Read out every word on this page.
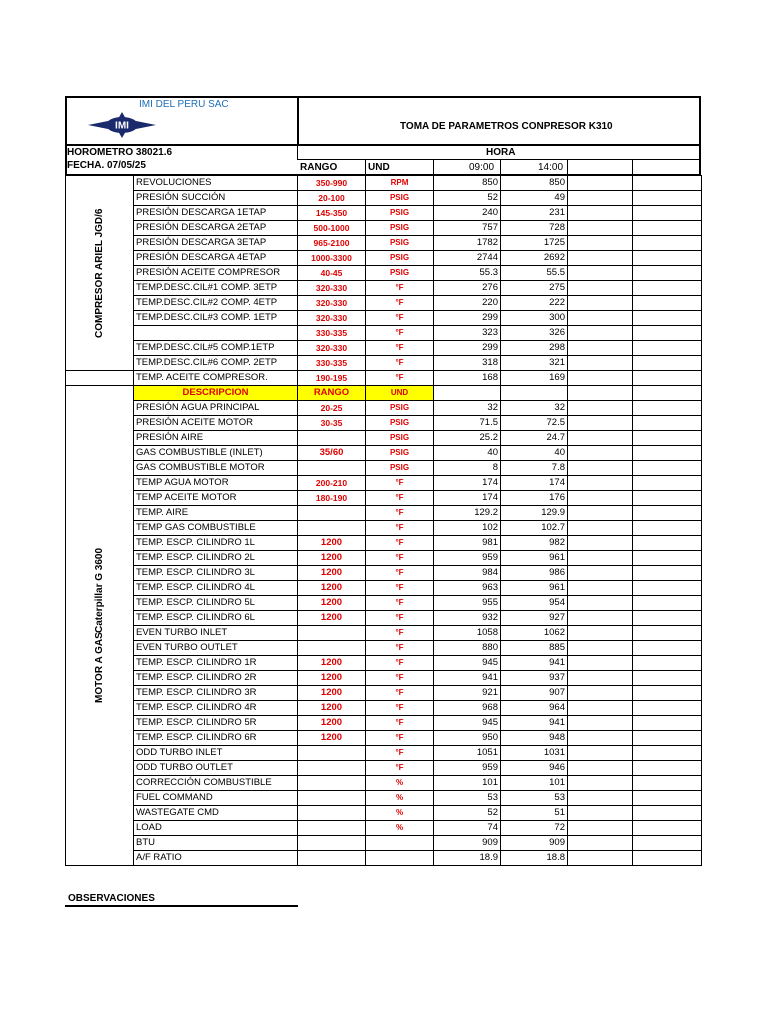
IMI DEL PERU SAC
IMI	TOMA DE PARAMETROS CONPRESOR K310
HOROMETRO 38021.6
FECHA. 07/05/25
HORA
RANGO	UND	09:00	14:00
COMPRESOR ARIEL JGD/6	REVOLUCIONES	350-990	RPM	850	850		
	PRESIÓN SUCCIÓN	20-100	PSIG	52	49		
	PRESIÓN DESCARGA 1ETAP	145-350	PSIG	240	231		
	PRESIÓN DESCARGA 2ETAP	500-1000	PSIG	757	728		
	PRESIÓN DESCARGA 3ETAP	965-2100	PSIG	1782	1725		
	PRESIÓN DESCARGA 4ETAP	1000-3300	PSIG	2744	2692		
	PRESIÓN ACEITE COMPRESOR	40-45	PSIG	55.3	55.5		
	TEMP.DESC.CIL#1 COMP. 3ETP	320-330	°F	276	275		
	TEMP.DESC.CIL#2 COMP. 4ETP	320-330	°F	220	222		
	TEMP.DESC.CIL#3 COMP. 1ETP	320-330	°F	299	300		
		330-335	°F	323	326		
	TEMP.DESC.CIL#5 COMP.1ETP	320-330	°F	299	298		
	TEMP.DESC.CIL#6 COMP. 2ETP	330-335	°F	318	321		
	TEMP. ACEITE COMPRESOR.	190-195	°F	168	169		

MOTOR A GAS
Caterpillar G 3600	DESCRIPCION	RANGO	UND				
	PRESIÓN AGUA PRINCIPAL	20-25	PSIG	32	32		
	PRESIÓN ACEITE MOTOR	30-35	PSIG	71.5	72.5		
	PRESIÓN AIRE		PSIG	25.2	24.7		
	GAS COMBUSTIBLE (INLET)	35/60	PSIG	40	40		
	GAS COMBUSTIBLE MOTOR		PSIG	8	7.8		
	TEMP AGUA MOTOR	200-210	°F	174	174		
	TEMP ACEITE MOTOR	180-190	°F	174	176		
	TEMP. AIRE		°F	129.2	129.9		
	TEMP GAS COMBUSTIBLE		°F	102	102.7		
	TEMP. ESCP. CILINDRO 1L	1200	°F	981	982		
	TEMP. ESCP. CILINDRO 2L	1200	°F	959	961		
	TEMP. ESCP. CILINDRO 3L	1200	°F	984	986		
	TEMP. ESCP. CILINDRO 4L	1200	°F	963	961		
	TEMP. ESCP. CILINDRO 5L	1200	°F	955	954		
	TEMP. ESCP. CILINDRO 6L	1200	°F	932	927		
	EVEN TURBO INLET		°F	1058	1062		
	EVEN TURBO OUTLET		°F	880	885		
	TEMP. ESCP. CILINDRO 1R	1200	°F	945	941		
	TEMP. ESCP. CILINDRO 2R	1200	°F	941	937		
	TEMP. ESCP. CILINDRO 3R	1200	°F	921	907		
	TEMP. ESCP. CILINDRO 4R	1200	°F	968	964		
	TEMP. ESCP. CILINDRO 5R	1200	°F	945	941		
	TEMP. ESCP. CILINDRO 6R	1200	°F	950	948		
	ODD TURBO INLET		°F	1051	1031		
	ODD TURBO OUTLET		°F	959	946		
	CORRECCIÓN COMBUSTIBLE		%	101	101		
	FUEL COMMAND		%	53	53		
	WASTEGATE CMD		%	52	51		
	LOAD		%	74	72		
	BTU			909	909		
	A/F RATIO			18.9	18.8		
OBSERVACIONES
